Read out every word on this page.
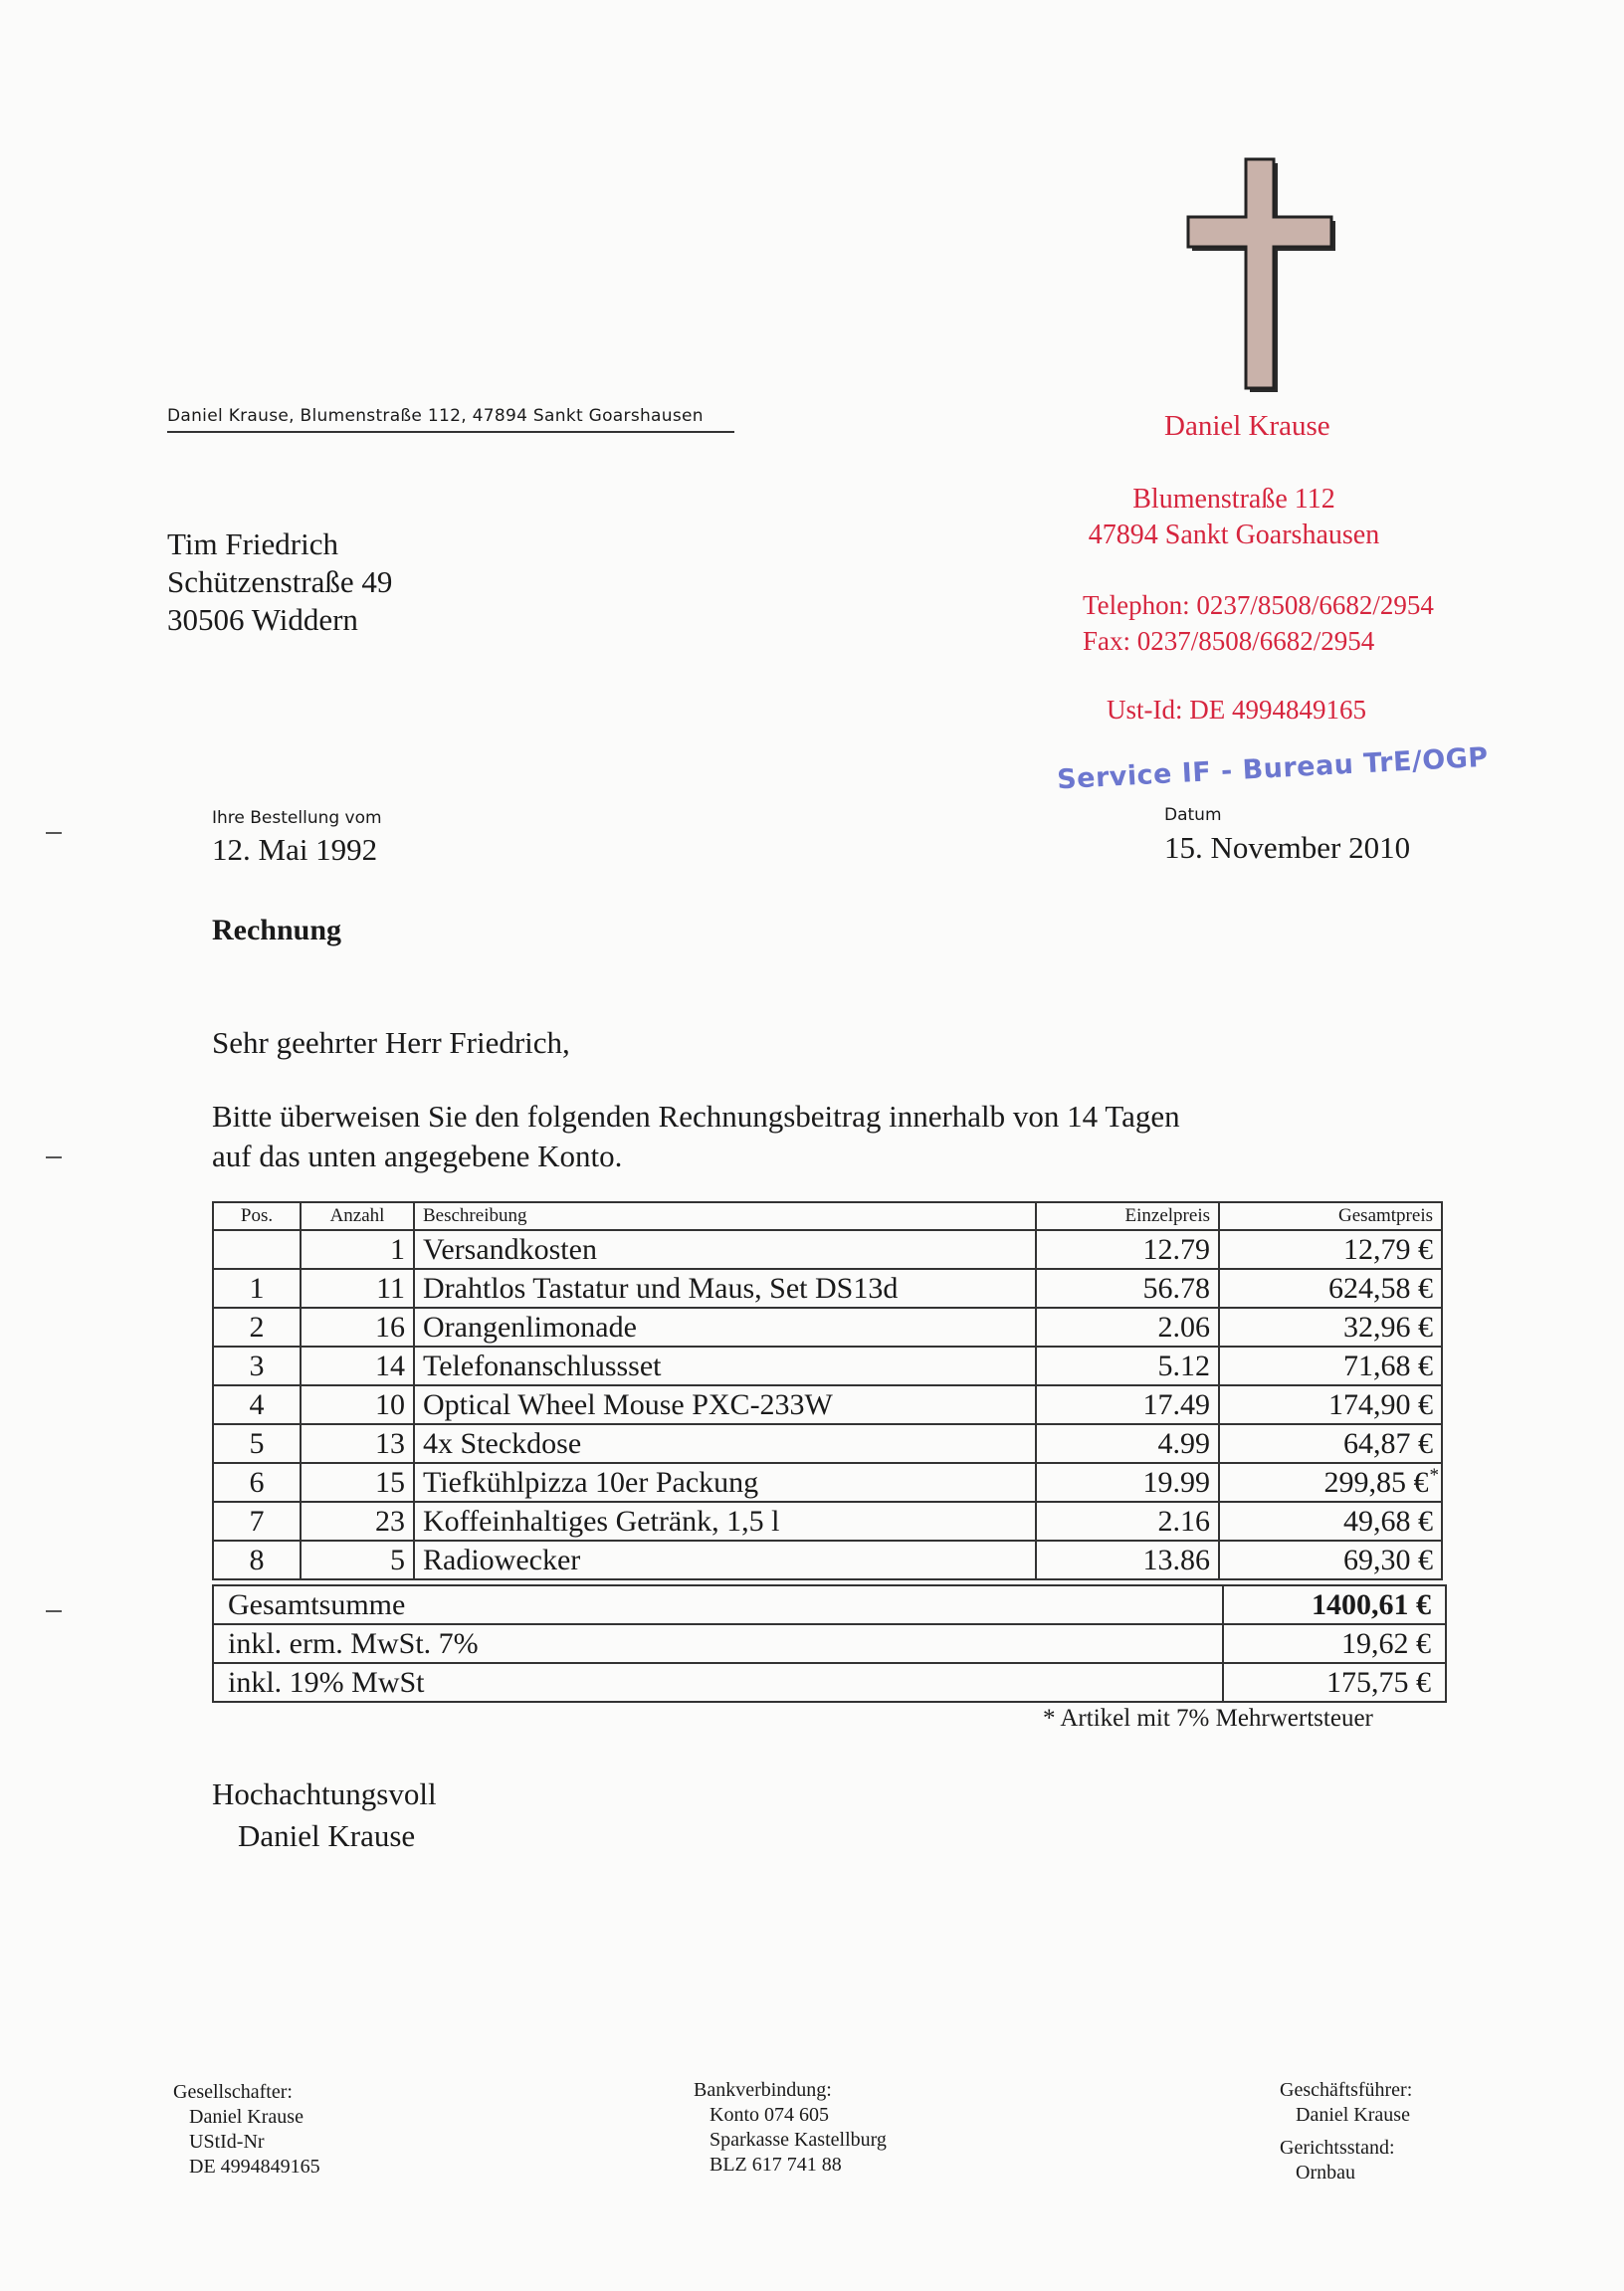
Daniel Krause, Blumenstraße 112, 47894 Sankt Goarshausen
Tim Friedrich
Schützenstraße 49
30506 Widdern
Daniel Krause
Blumenstraße 112
47894 Sankt Goarshausen
Telephon: 0237/8508/6682/2954
Fax: 0237/8508/6682/2954
Ust-Id: DE 4994849165
Service IF - Bureau TrE/OGP
Ihre Bestellung vom
12. Mai 1992
Datum
15. November 2010
Rechnung
Sehr geehrter Herr Friedrich,
Bitte überweisen Sie den folgenden Rechnungsbeitrag innerhalb von 14 Tagen
auf das unten angegebene Konto.
Pos.	Anzahl	Beschreibung	Einzelpreis	Gesamtpreis
	1	Versandkosten	12.79	12,79 €
1	11	Drahtlos Tastatur und Maus, Set DS13d	56.78	624,58 €
2	16	Orangenlimonade	2.06	32,96 €
3	14	Telefonanschlussset	5.12	71,68 €
4	10	Optical Wheel Mouse PXC-233W	17.49	174,90 €
5	13	4x Steckdose	4.99	64,87 €
6	15	Tiefkühlpizza 10er Packung	19.99	299,85 €*
7	23	Koffeinhaltiges Getränk, 1,5 l	2.16	49,68 €
8	5	Radiowecker	13.86	69,30 €
Gesamtsumme	1400,61 €
inkl. erm. MwSt. 7%	19,62 €
inkl. 19% MwSt	175,75 €
* Artikel mit 7% Mehrwertsteuer
Hochachtungsvoll
Daniel Krause
Gesellschafter:
Daniel Krause
UStId-Nr
DE 4994849165
Bankverbindung:
Konto 074 605
Sparkasse Kastellburg
BLZ 617 741 88
Geschäftsführer:
Daniel Krause
Gerichtsstand:
Ornbau
